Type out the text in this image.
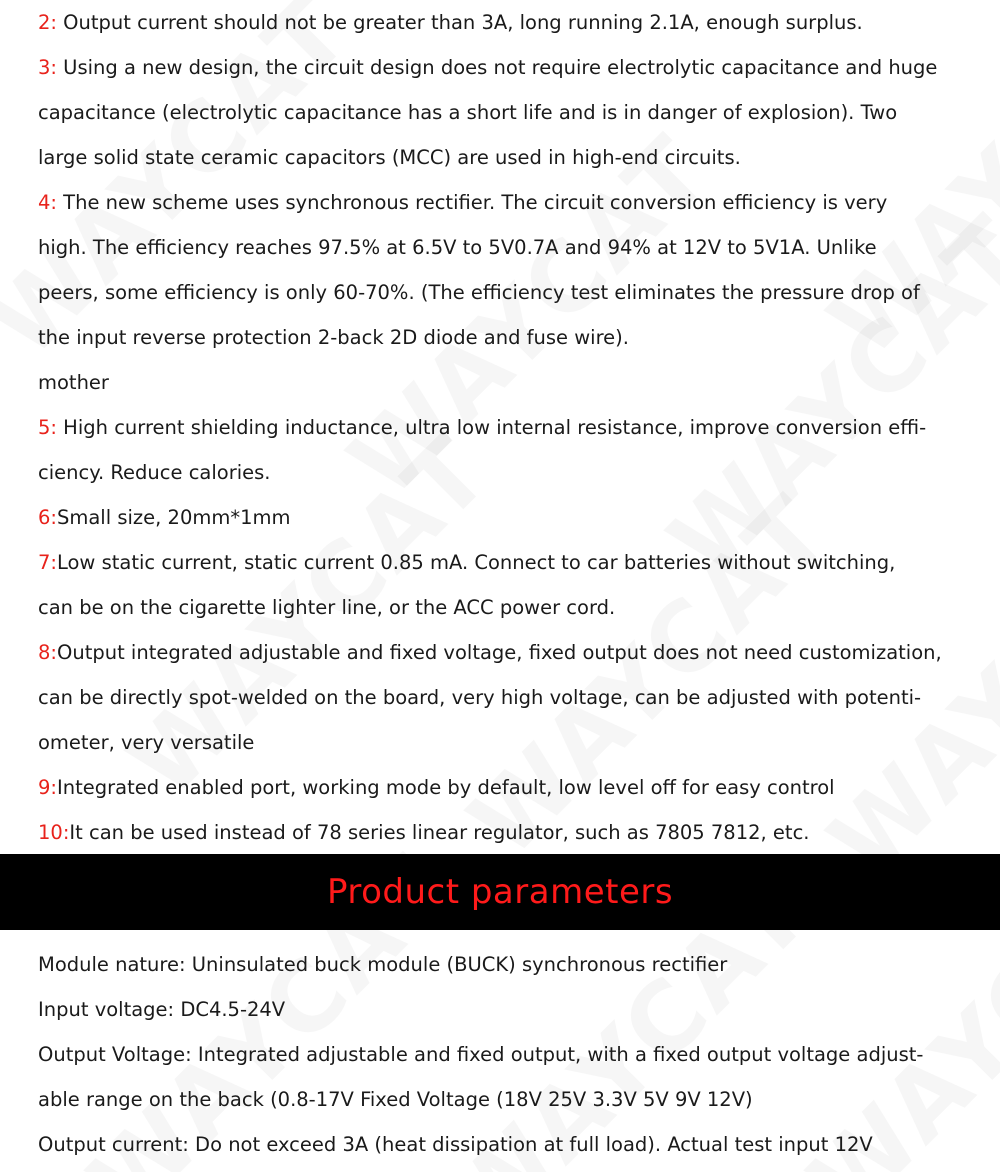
2: Output current should not be greater than 3A, long running 2.1A, enough surplus.
3: Using a new design, the circuit design does not require electrolytic capacitance and huge
capacitance (electrolytic capacitance has a short life and is in danger of explosion). Two
large solid state ceramic capacitors (MCC) are used in high-end circuits.
4: The new scheme uses synchronous rectifier. The circuit conversion efficiency is very
high. The efficiency reaches 97.5% at 6.5V to 5V0.7A and 94% at 12V to 5V1A. Unlike
peers, some efficiency is only 60-70%. (The efficiency test eliminates the pressure drop of
the input reverse protection 2-back 2D diode and fuse wire).
mother
5: High current shielding inductance, ultra low internal resistance, improve conversion effi-
ciency. Reduce calories.
6:Small size, 20mm*1mm
7:Low static current, static current 0.85 mA. Connect to car batteries without switching,
can be on the cigarette lighter line, or the ACC power cord.
8:Output integrated adjustable and fixed voltage, fixed output does not need customization,
can be directly spot-welded on the board, very high voltage, can be adjusted with potenti-
ometer, very versatile
9:Integrated enabled port, working mode by default, low level off for easy control
10:It can be used instead of 78 series linear regulator, such as 7805 7812, etc.
Product parameters
Module nature: Uninsulated buck module (BUCK) synchronous rectifier
Input voltage: DC4.5-24V
Output Voltage: Integrated adjustable and fixed output, with a fixed output voltage adjust-
able range on the back (0.8-17V Fixed Voltage (18V 25V 3.3V 5V 9V 12V)
Output current: Do not exceed 3A (heat dissipation at full load). Actual test input 12V
